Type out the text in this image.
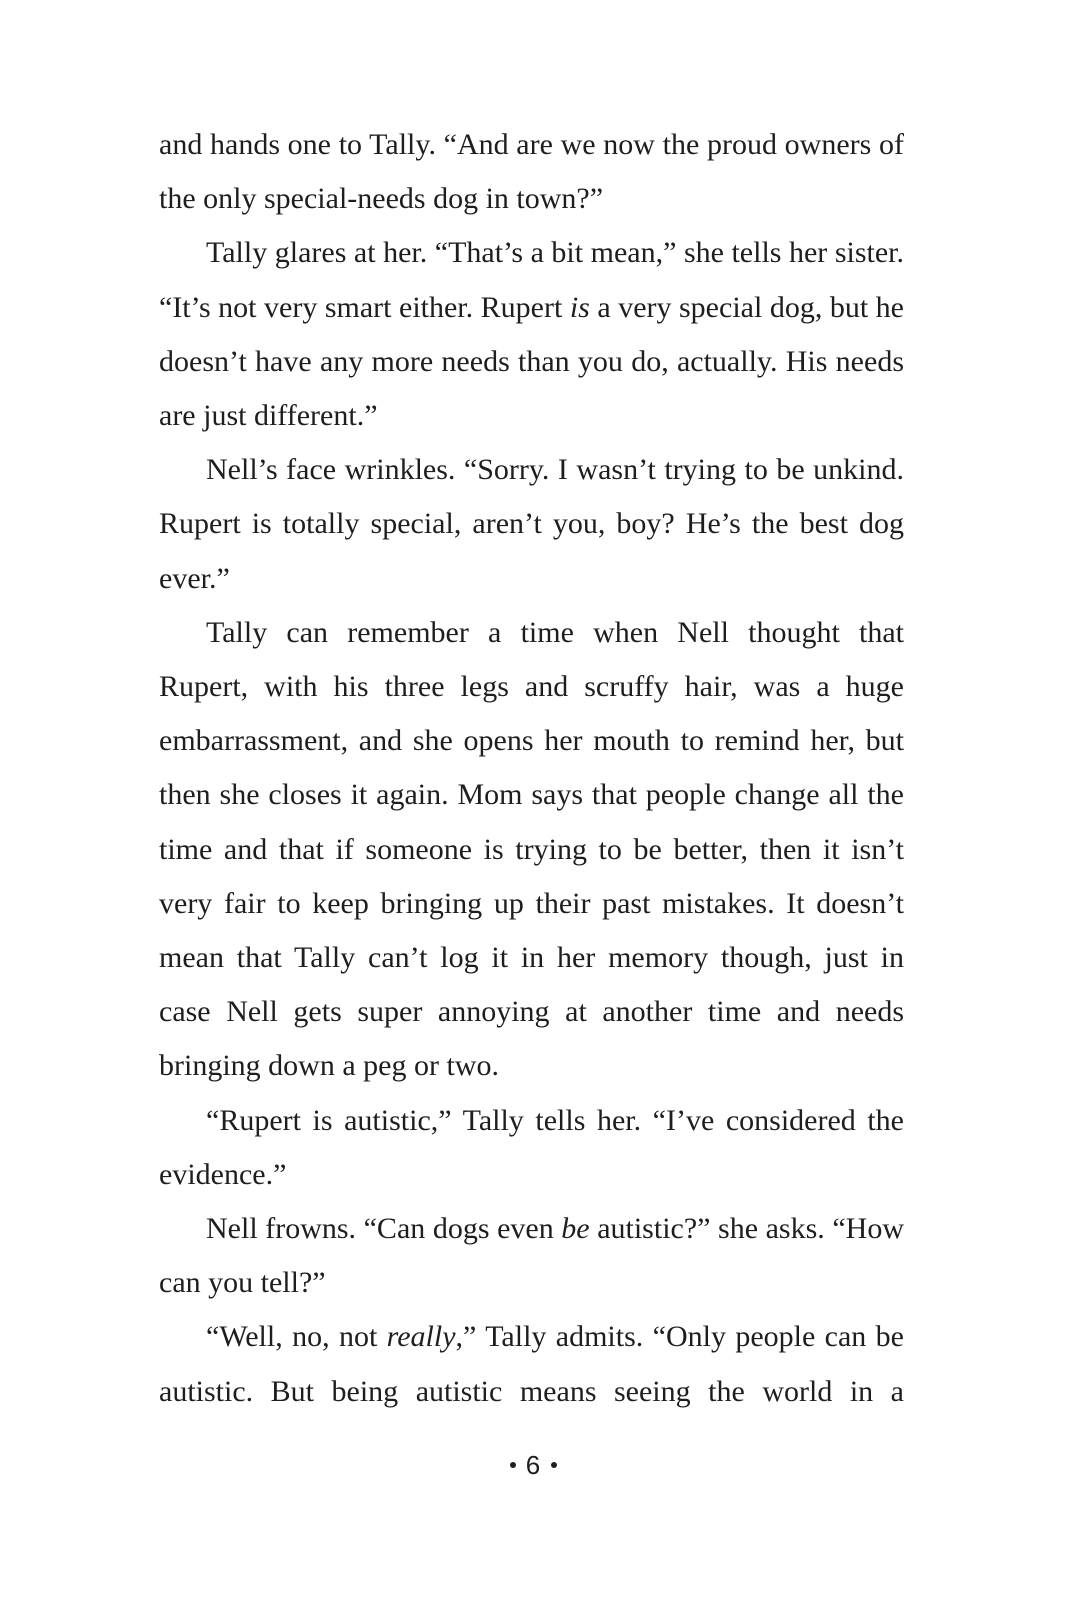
and hands one to Tally. “And are we now the proud owners of the only special-needs dog in town?”

Tally glares at her. “That’s a bit mean,” she tells her sister. “It’s not very smart either. Rupert is a very special dog, but he doesn’t have any more needs than you do, actually. His needs are just different.”

Nell’s face wrinkles. “Sorry. I wasn’t trying to be unkind. Rupert is totally special, aren’t you, boy? He’s the best dog ever.”

Tally can remember a time when Nell thought that Rupert, with his three legs and scruffy hair, was a huge embarrassment, and she opens her mouth to remind her, but then she closes it again. Mom says that people change all the time and that if someone is trying to be better, then it isn’t very fair to keep bringing up their past mistakes. It doesn’t mean that Tally can’t log it in her memory though, just in case Nell gets super annoying at another time and needs bringing down a peg or two.

“Rupert is autistic,” Tally tells her. “I’ve considered the evidence.”

Nell frowns. “Can dogs even be autistic?” she asks. “How can you tell?”

“Well, no, not really,” Tally admits. “Only people can be autistic. But being autistic means seeing the world in a

6
